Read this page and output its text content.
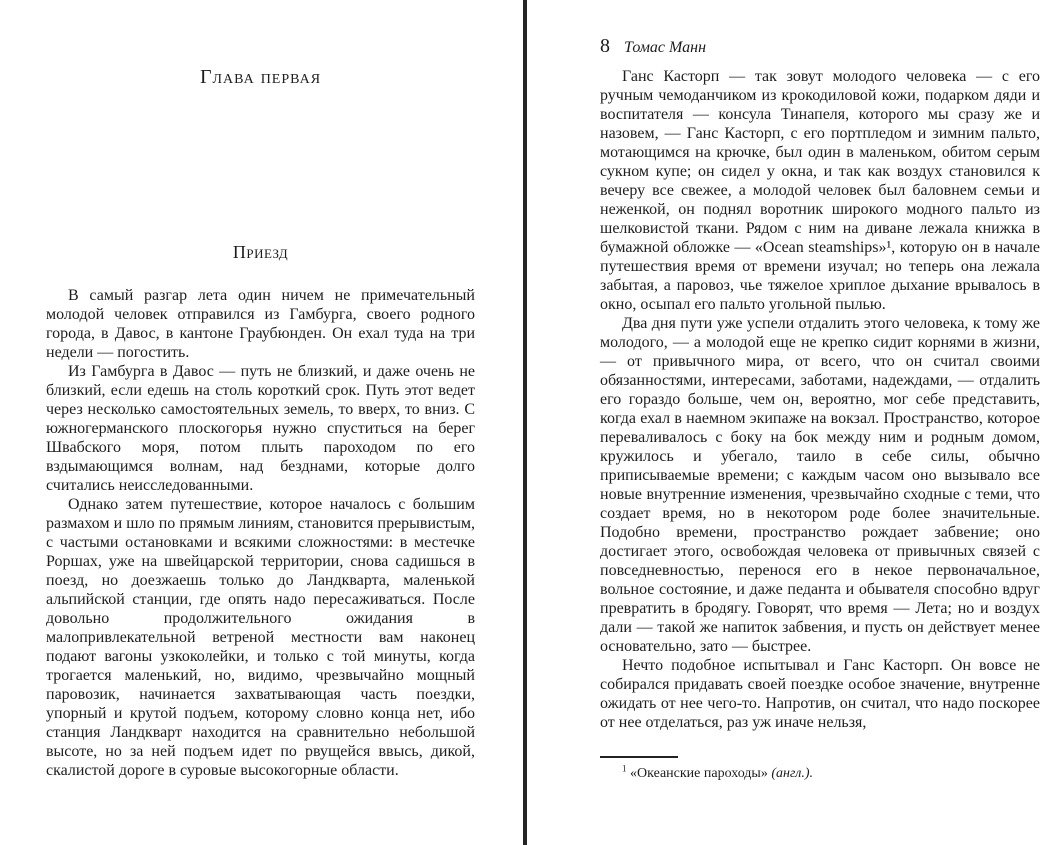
Глава первая
Приезд

В самый разгар лета один ничем не примечательный молодой человек отправился из Гамбурга, своего родного города, в Давос, в кантоне Граубюнден. Он ехал туда на три недели — погостить.

Из Гамбурга в Давос — путь не близкий, и даже очень не близкий, если едешь на столь короткий срок. Путь этот ведет через несколько самостоятельных земель, то вверх, то вниз. С южногерманского плоскогорья нужно спуститься на берег Швабского моря, потом плыть пароходом по его вздымающимся волнам, над безднами, которые долго считались неисследованными.

Однако затем путешествие, которое началось с большим размахом и шло по прямым линиям, становится прерывистым, с частыми остановками и всякими сложностями: в местечке Роршах, уже на швейцарской территории, снова садишься в поезд, но доезжаешь только до Ландкварта, маленькой альпийской станции, где опять надо пересаживаться. После довольно продолжительного ожидания в малопривлекательной ветреной местности вам наконец подают вагоны узкоколейки, и только с той минуты, когда трогается маленький, но, видимо, чрезвычайно мощный паровозик, начинается захватывающая часть поездки, упорный и крутой подъем, которому словно конца нет, ибо станция Ландкварт находится на сравнительно небольшой высоте, но за ней подъем идет по рвущейся ввысь, дикой, скалистой дороге в суровые высокогорные области.

8 Томас Манн

Ганс Касторп — так зовут молодого человека — с его ручным чемоданчиком из крокодиловой кожи, подарком дяди и воспитателя — консула Тинапеля, которого мы сразу же и назовем, — Ганс Касторп, с его портпледом и зимним пальто, мотающимся на крючке, был один в маленьком, обитом серым сукном купе; он сидел у окна, и так как воздух становился к вечеру все свежее, а молодой человек был баловнем семьи и неженкой, он поднял воротник широкого модного пальто из шелковистой ткани. Рядом с ним на диване лежала книжка в бумажной обложке — «Ocean steamships»¹, которую он в начале путешествия время от времени изучал; но теперь она лежала забытая, а паровоз, чье тяжелое хриплое дыхание врывалось в окно, осыпал его пальто угольной пылью.

Два дня пути уже успели отдалить этого человека, к тому же молодого, — а молодой еще не крепко сидит корнями в жизни, — от привычного мира, от всего, что он считал своими обязанностями, интересами, заботами, надеждами, — отдалить его гораздо больше, чем он, вероятно, мог себе представить, когда ехал в наемном экипаже на вокзал. Пространство, которое переваливалось с боку на бок между ним и родным домом, кружилось и убегало, таило в себе силы, обычно приписываемые времени; с каждым часом оно вызывало все новые внутренние изменения, чрезвычайно сходные с теми, что создает время, но в некотором роде более значительные. Подобно времени, пространство рождает забвение; оно достигает этого, освобождая человека от привычных связей с повседневностью, перенося его в некое первоначальное, вольное состояние, и даже педанта и обывателя способно вдруг превратить в бродягу. Говорят, что время — Лета; но и воздух дали — такой же напиток забвения, и пусть он действует менее основательно, зато — быстрее.

Нечто подобное испытывал и Ганс Касторп. Он вовсе не собирался придавать своей поездке особое значение, внутренне ожидать от нее чего-то. Напротив, он считал, что надо поскорее от нее отделаться, раз уж иначе нельзя,

$^1$ «Океанские пароходы» (англ.).
